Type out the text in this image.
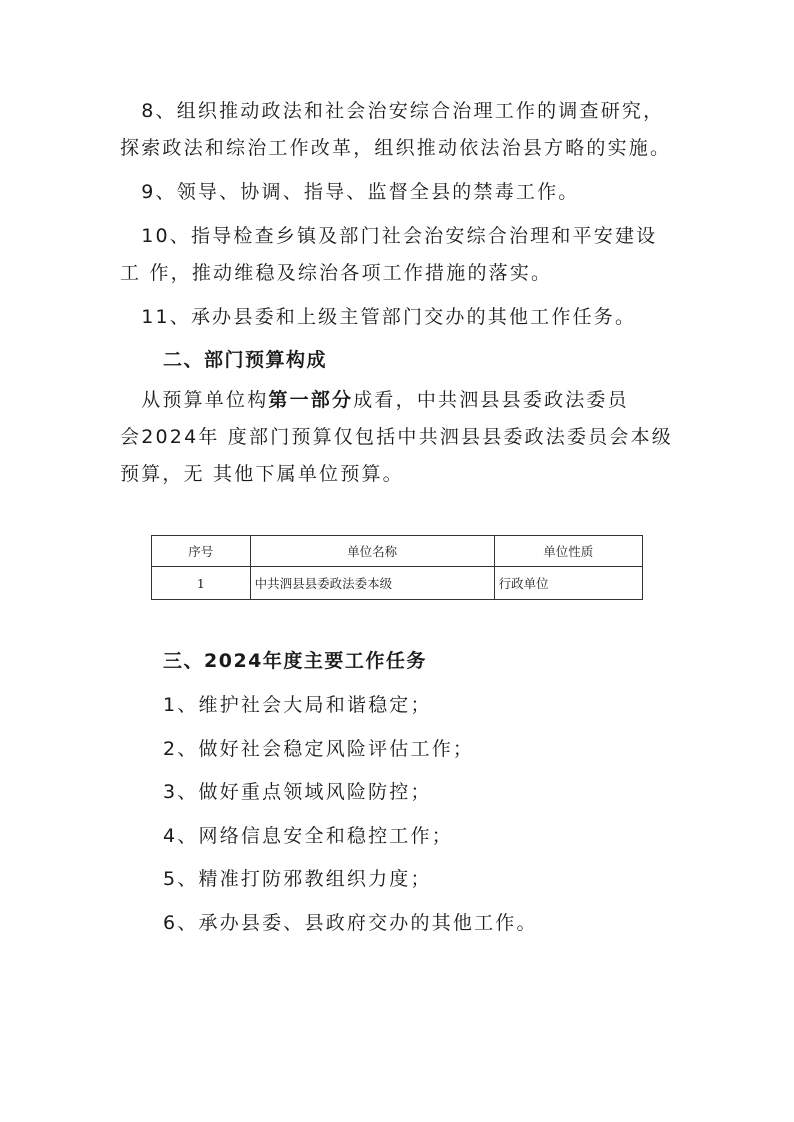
　8、组织推动政法和社会治安综合治理工作的调查研究，
探索政法和综治工作改革，组织推动依法治县方略的实施。

　9、领导、协调、指导、监督全县的禁毒工作。

　10、指导检查乡镇及部门社会治安综合治理和平安建设
工 作，推动维稳及综治各项工作措施的落实。

　11、承办县委和上级主管部门交办的其他工作任务。

二、部门预算构成

　从预算单位构第一部分成看，中共泗县县委政法委员
会2024年 度部门预算仅包括中共泗县县委政法委员会本级
预算，无 其他下属单位预算。

序号	单位名称	单位性质
1	中共泗县县委政法委本级	行政单位
三、2024年度主要工作任务

1、维护社会大局和谐稳定；
2、做好社会稳定风险评估工作；
3、做好重点领域风险防控；
4、网络信息安全和稳控工作；
5、精准打防邪教组织力度；
6、承办县委、县政府交办的其他工作。
